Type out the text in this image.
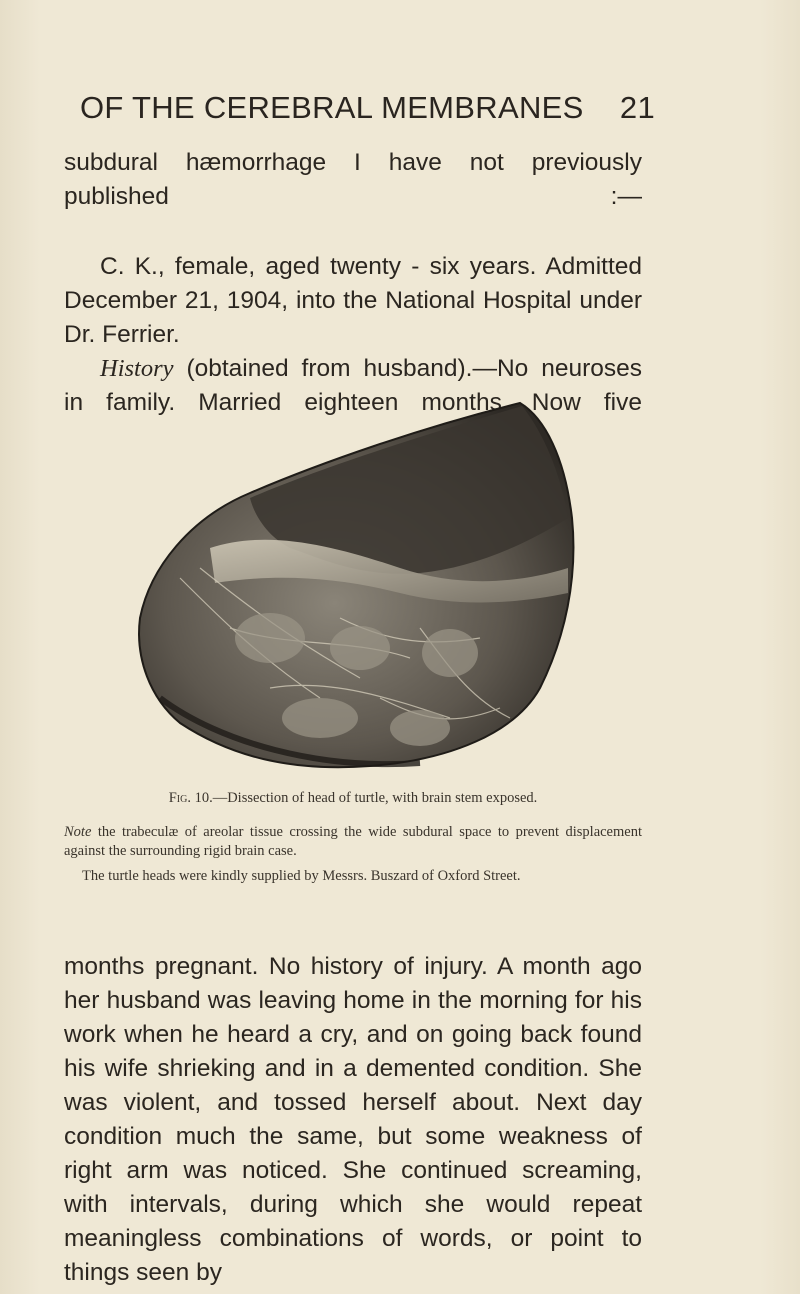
OF THE CEREBRAL MEMBRANES 21

subdural hæmorrhage I have not previously published :—

C. K., female, aged twenty - six years. Admitted December 21, 1904, into the National Hospital under Dr. Ferrier.
History (obtained from husband).—No neuroses in family. Married eighteen months. Now five

Fig. 10.—Dissection of head of turtle, with brain stem exposed.

Note the trabeculæ of areolar tissue crossing the wide subdural space to prevent displacement against the surrounding rigid brain case.

The turtle heads were kindly supplied by Messrs. Buszard of Oxford Street.

months pregnant. No history of injury. A month ago her husband was leaving home in the morning for his work when he heard a cry, and on going back found his wife shrieking and in a demented condition. She was violent, and tossed herself about. Next day condition much the same, but some weakness of right arm was noticed. She continued screaming, with intervals, during which she would repeat meaningless combinations of words, or point to things seen by
